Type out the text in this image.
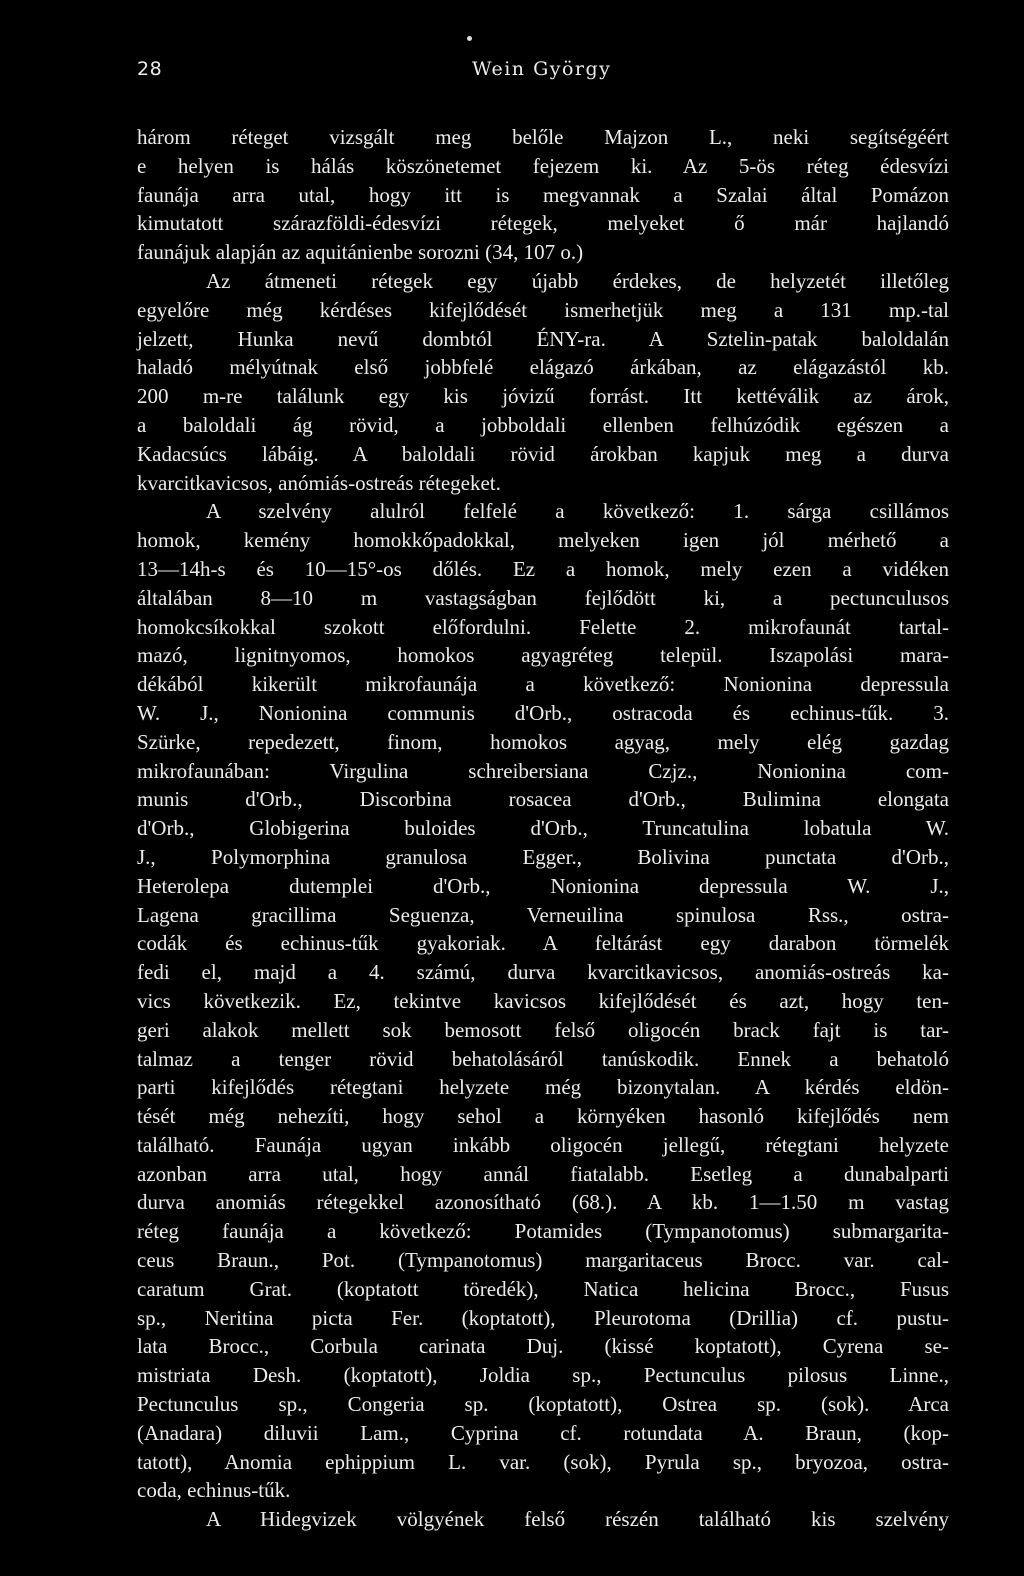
28	Wein György
három réteget vizsgált meg belőle Majzon L., neki segítségéért
e helyen is hálás köszönetemet fejezem ki. Az 5-ös réteg édesvízi
faunája arra utal, hogy itt is megvannak a Szalai által Pomázon
kimutatott szárazföldi-édesvízi rétegek, melyeket ő már hajlandó
faunájuk alapján az aquitánienbe sorozni (34, 107 o.)
Az átmeneti rétegek egy újabb érdekes, de helyzetét illetőleg
egyelőre még kérdéses kifejlődését ismerhetjük meg a 131 mp.-tal
jelzett, Hunka nevű dombtól ÉNY-ra. A Sztelin-patak baloldalán
haladó mélyútnak első jobbfelé elágazó árkában, az elágazástól kb.
200 m-re találunk egy kis jóvizű forrást. Itt kettéválik az árok,
a baloldali ág rövid, a jobboldali ellenben felhúzódik egészen a
Kadacsúcs lábáig. A baloldali rövid árokban kapjuk meg a durva
kvarcitkavicsos, anómiás-ostreás rétegeket.
A szelvény alulról felfelé a következő: 1. sárga csillámos
homok, kemény homokkőpadokkal, melyeken igen jól mérhető a
13—14h-s és 10—15°-os dőlés. Ez a homok, mely ezen a vidéken
általában 8—10 m vastagságban fejlődött ki, a pectunculusos
homokcsíkokkal szokott előfordulni. Felette 2. mikrofaunát tartal-
mazó, lignitnyomos, homokos agyagréteg települ. Iszapolási mara-
dékából kikerült mikrofaunája a következő: Nonionina depressula
W. J., Nonionina communis d'Orb., ostracoda és echinus-tűk. 3.
Szürke, repedezett, finom, homokos agyag, mely elég gazdag
mikrofaunában: Virgulina schreibersiana Czjz., Nonionina com-
munis d'Orb., Discorbina rosacea d'Orb., Bulimina elongata
d'Orb., Globigerina buloides d'Orb., Truncatulina lobatula W.
J., Polymorphina granulosa Egger., Bolivina punctata d'Orb.,
Heterolepa dutemplei d'Orb., Nonionina depressula W. J.,
Lagena gracillima Seguenza, Verneuilina spinulosa Rss., ostra-
codák és echinus-tűk gyakoriak. A feltárást egy darabon törmelék
fedi el, majd a 4. számú, durva kvarcitkavicsos, anomiás-ostreás ka-
vics következik. Ez, tekintve kavicsos kifejlődését és azt, hogy ten-
geri alakok mellett sok bemosott felső oligocén brack fajt is tar-
talmaz a tenger rövid behatolásáról tanúskodik. Ennek a behatoló
parti kifejlődés rétegtani helyzete még bizonytalan. A kérdés eldön-
tését még nehezíti, hogy sehol a környéken hasonló kifejlődés nem
található. Faunája ugyan inkább oligocén jellegű, rétegtani helyzete
azonban arra utal, hogy annál fiatalabb. Esetleg a dunabalparti
durva anomiás rétegekkel azonosítható (68.). A kb. 1—1.50 m vastag
réteg faunája a következő: Potamides (Tympanotomus) submargarita-
ceus Braun., Pot. (Tympanotomus) margaritaceus Brocc. var. cal-
caratum Grat. (koptatott töredék), Natica helicina Brocc., Fusus
sp., Neritina picta Fer. (koptatott), Pleurotoma (Drillia) cf. pustu-
lata Brocc., Corbula carinata Duj. (kissé koptatott), Cyrena se-
mistriata Desh. (koptatott), Joldia sp., Pectunculus pilosus Linne.,
Pectunculus sp., Congeria sp. (koptatott), Ostrea sp. (sok). Arca
(Anadara) diluvii Lam., Cyprina cf. rotundata A. Braun, (kop-
tatott), Anomia ephippium L. var. (sok), Pyrula sp., bryozoa, ostra-
coda, echinus-tűk.
A Hidegvizek völgyének felső részén található kis szelvény
